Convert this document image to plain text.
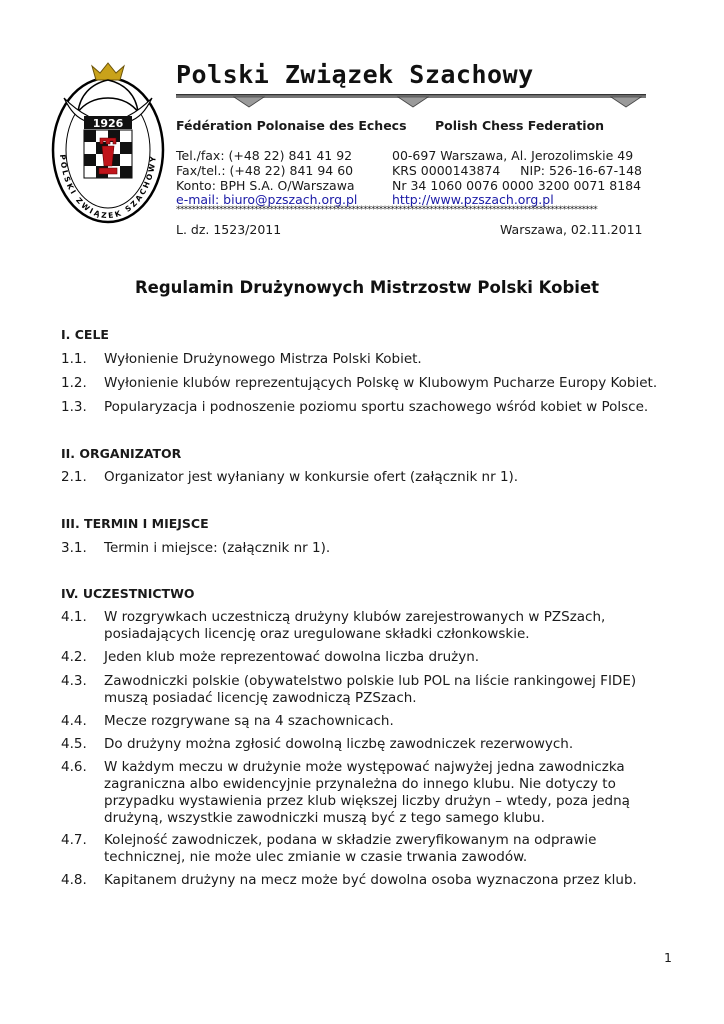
1926
POLSKI ZWIĄZEK SZACHOWY
Polski Związek Szachowy
Fédération Polonaise des Echecs Polish Chess Federation
Tel./fax: (+48 22) 841 41 92
Fax/tel.: (+48 22) 841 94 60
Konto: BPH S.A. O/Warszawa
e-mail: biuro@pzszach.org.pl
00-697 Warszawa, Al. Jerozolimskie 49
KRS 0000143874     NIP: 526-16-67-148
Nr 34 1060 0076 0000 3200 0071 8184
http://www.pzszach.org.pl
************************************************************************************************************
L. dz. 1523/2011	Warszawa, 02.11.2011
Regulamin Drużynowych Mistrzostw Polski Kobiet
I. CELE
1.1. Wyłonienie Drużynowego Mistrza Polski Kobiet.
1.2. Wyłonienie klubów reprezentujących Polskę w Klubowym Pucharze Europy Kobiet.
1.3. Popularyzacja i podnoszenie poziomu sportu szachowego wśród kobiet w Polsce.
II. ORGANIZATOR
2.1. Organizator jest wyłaniany w konkursie ofert (załącznik nr 1).
III. TERMIN I MIEJSCE
3.1. Termin i miejsce: (załącznik nr 1).
IV. UCZESTNICTWO
4.1. W rozgrywkach uczestniczą drużyny klubów zarejestrowanych w PZSzach,
posiadających licencję oraz uregulowane składki członkowskie.
4.2. Jeden klub może reprezentować dowolna liczba drużyn.
4.3. Zawodniczki polskie (obywatelstwo polskie lub POL na liście rankingowej FIDE)
muszą posiadać licencję zawodniczą PZSzach.
4.4. Mecze rozgrywane są na 4 szachownicach.
4.5. Do drużyny można zgłosić dowolną liczbę zawodniczek rezerwowych.
4.6. W każdym meczu w drużynie może występować najwyżej jedna zawodniczka
zagraniczna albo ewidencyjnie przynależna do innego klubu. Nie dotyczy to
przypadku wystawienia przez klub większej liczby drużyn – wtedy, poza jedną
drużyną, wszystkie zawodniczki muszą być z tego samego klubu.
4.7. Kolejność zawodniczek, podana w składzie zweryfikowanym na odprawie
technicznej, nie może ulec zmianie w czasie trwania zawodów.
4.8. Kapitanem drużyny na mecz może być dowolna osoba wyznaczona przez klub.
1
